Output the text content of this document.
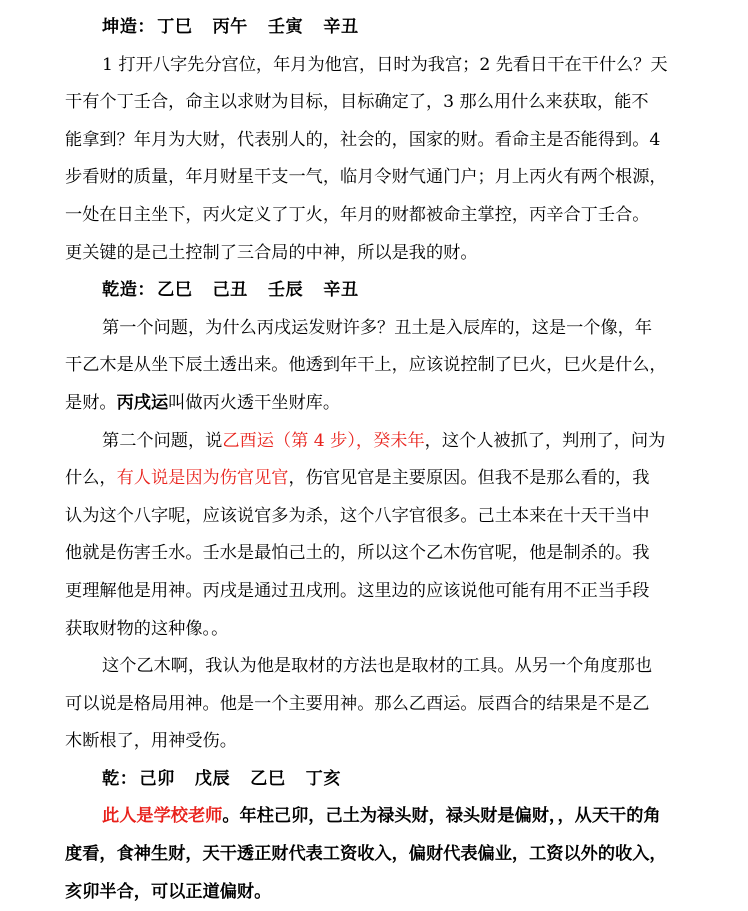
坤造： 丁巳 丙午 壬寅 辛丑

1 打开八字先分宫位，年月为他宫，日时为我宫；2 先看日干在干什么？天

干有个丁壬合，命主以求财为目标，目标确定了，3 那么用什么来获取，能不

能拿到？年月为大财，代表别人的，社会的，国家的财。看命主是否能得到。4

步看财的质量，年月财星干支一气，临月令财气通门户；月上丙火有两个根源，

一处在日主坐下，丙火定义了丁火，年月的财都被命主掌控，丙辛合丁壬合。

更关键的是己土控制了三合局的中神，所以是我的财。

乾造： 乙巳 己丑 壬辰 辛丑

第一个问题，为什么丙戌运发财许多？丑土是入辰库的，这是一个像，年

干乙木是从坐下辰土透出来。他透到年干上，应该说控制了巳火，巳火是什么，

是财。丙戌运叫做丙火透干坐财库。

第二个问题，说乙酉运（第 4 步），癸未年，这个人被抓了，判刑了，问为

什么，有人说是因为伤官见官，伤官见官是主要原因。但我不是那么看的，我

认为这个八字呢，应该说官多为杀，这个八字官很多。己土本来在十天干当中

他就是伤害壬水。壬水是最怕己土的，所以这个乙木伤官呢，他是制杀的。我

更理解他是用神。丙戌是通过丑戌刑。这里边的应该说他可能有用不正当手段

获取财物的这种像。。

这个乙木啊，我认为他是取材的方法也是取材的工具。从另一个角度那也

可以说是格局用神。他是一个主要用神。那么乙酉运。辰酉合的结果是不是乙

木断根了，用神受伤。

乾： 己卯 戊辰 乙巳 丁亥

此人是学校老师。年柱己卯，己土为禄头财，禄头财是偏财，，从天干的角

度看，食神生财，天干透正财代表工资收入，偏财代表偏业，工资以外的收入，

亥卯半合，可以正道偏财。
